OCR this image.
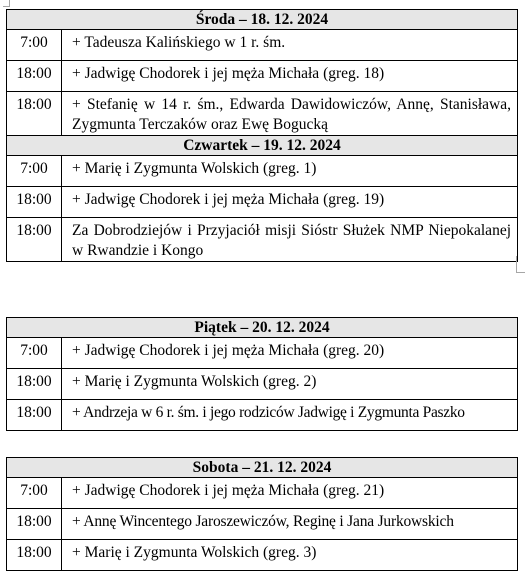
Środa – 18. 12. 2024	
7:00	+ Tadeusza Kalińskiego w 1 r. śm.
18:00	+ Jadwigę Chodorek i jej męża Michała (greg. 18)
18:00	+ Stefanię w 14 r. śm., Edwarda Dawidowiczów, Annę, Stanisława, Zygmunta Terczaków oraz Ewę Bogucką
Czwartek – 19. 12. 2024	
7:00	+ Marię i Zygmunta Wolskich (greg. 1)
18:00	+ Jadwigę Chodorek i jej męża Michała (greg. 19)
18:00	Za Dobrodziejów i Przyjaciół misji Sióstr Służek NMP Niepokalanej w Rwandzie i Kongo
Piątek – 20. 12. 2024	
7:00	+ Jadwigę Chodorek i jej męża Michała (greg. 20)
18:00	+ Marię i Zygmunta Wolskich (greg. 2)
18:00	+ Andrzeja w 6 r. śm. i jego rodziców Jadwigę i Zygmunta Paszko
Sobota – 21. 12. 2024	
7:00	+ Jadwigę Chodorek i jej męża Michała (greg. 21)
18:00	+ Annę Wincentego Jaroszewiczów, Reginę i Jana Jurkowskich
18:00	+ Marię i Zygmunta Wolskich (greg. 3)
